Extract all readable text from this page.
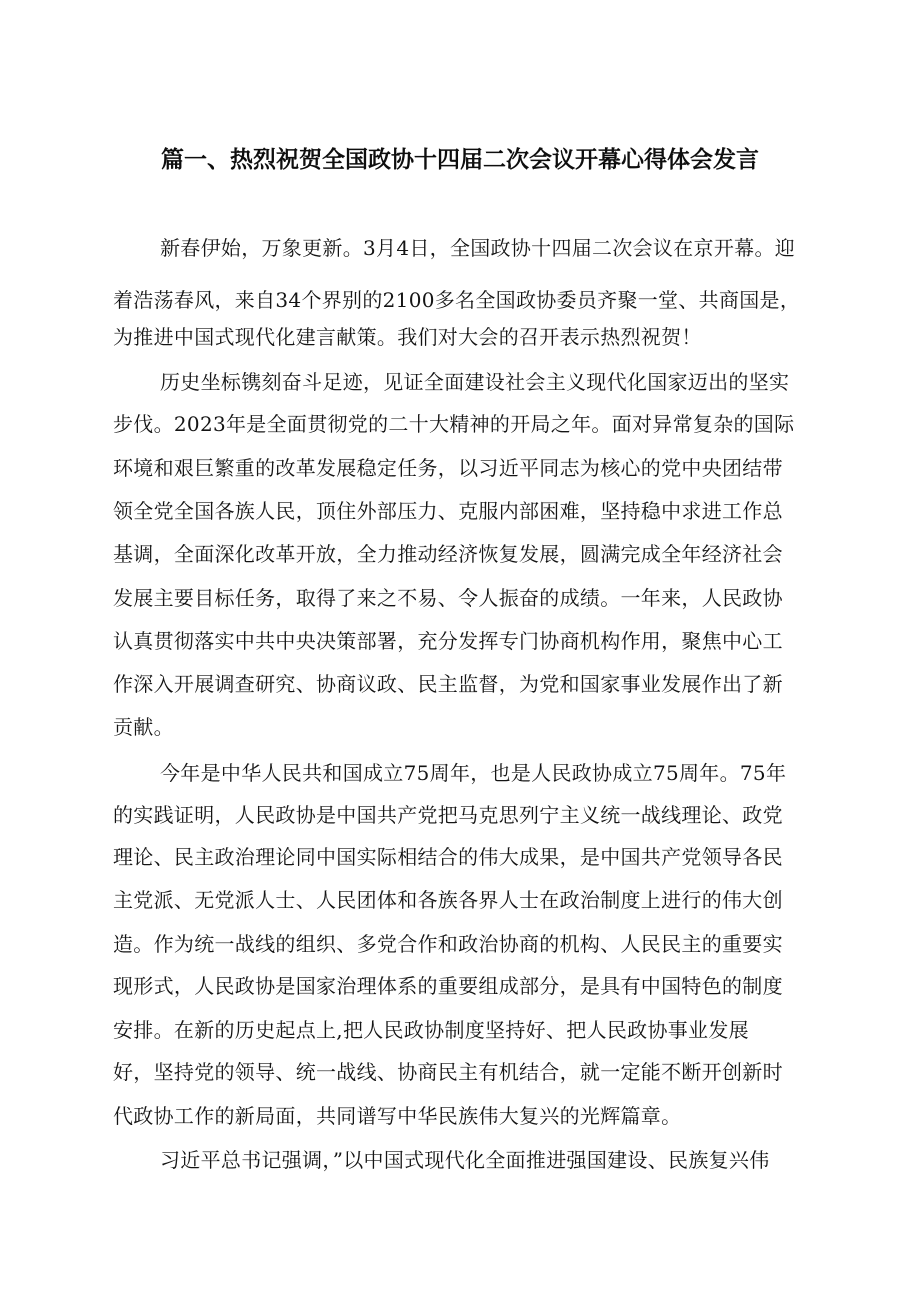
篇一、热烈祝贺全国政协十四届二次会议开幕心得体会发言
新春伊始，万象更新。3月4日，全国政协十四届二次会议在京开幕。迎
着浩荡春风，来自34个界别的2100多名全国政协委员齐聚一堂、共商国是，
为推进中国式现代化建言献策。我们对大会的召开表示热烈祝贺！
历史坐标镌刻奋斗足迹，见证全面建设社会主义现代化国家迈出的坚实
步伐。2023年是全面贯彻党的二十大精神的开局之年。面对异常复杂的国际
环境和艰巨繁重的改革发展稳定任务，以习近平同志为核心的党中央团结带
领全党全国各族人民，顶住外部压力、克服内部困难，坚持稳中求进工作总
基调，全面深化改革开放，全力推动经济恢复发展，圆满完成全年经济社会
发展主要目标任务，取得了来之不易、令人振奋的成绩。一年来，人民政协
认真贯彻落实中共中央决策部署，充分发挥专门协商机构作用，聚焦中心工
作深入开展调查研究、协商议政、民主监督，为党和国家事业发展作出了新
贡献。
今年是中华人民共和国成立75周年，也是人民政协成立75周年。75年
的实践证明，人民政协是中国共产党把马克思列宁主义统一战线理论、政党
理论、民主政治理论同中国实际相结合的伟大成果，是中国共产党领导各民
主党派、无党派人士、人民团体和各族各界人士在政治制度上进行的伟大创
造。作为统一战线的组织、多党合作和政治协商的机构、人民民主的重要实
现形式，人民政协是国家治理体系的重要组成部分，是具有中国特色的制度
安排。在新的历史起点上,把人民政协制度坚持好、把人民政协事业发展
好，坚持党的领导、统一战线、协商民主有机结合，就一定能不断开创新时
代政协工作的新局面，共同谱写中华民族伟大复兴的光辉篇章。
习近平总书记强调，”以中国式现代化全面推进强国建设、民族复兴伟
